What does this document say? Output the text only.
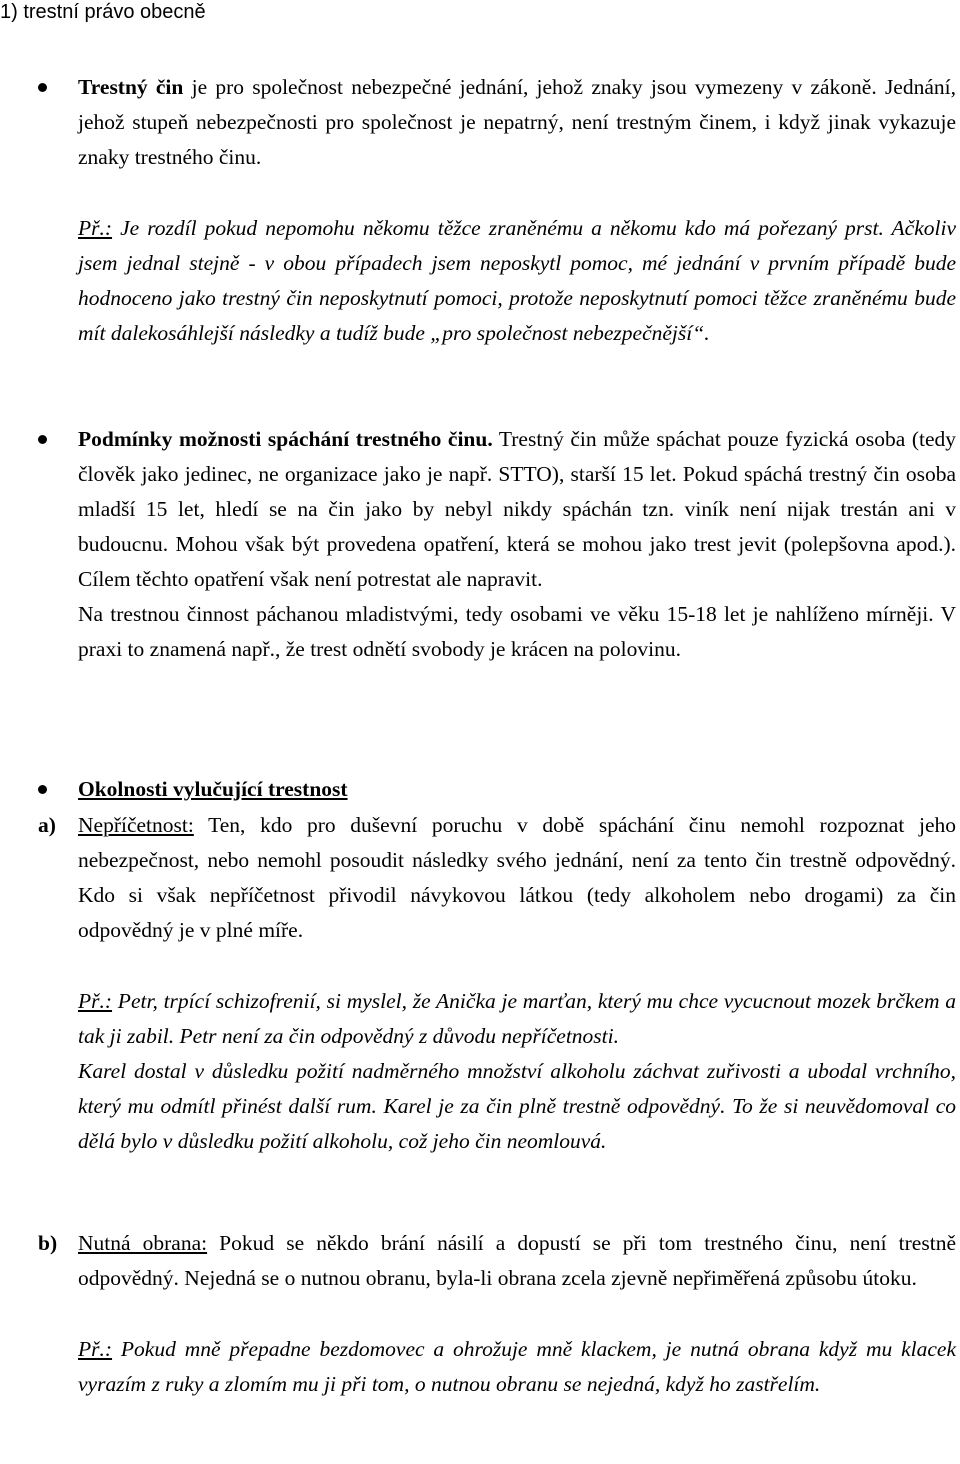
1) trestní právo obecně

Trestný čin je pro společnost nebezpečné jednání, jehož znaky jsou vymezeny v zákoně. Jednání, jehož stupeň nebezpečnosti pro společnost je nepatrný, není trestným činem, i když jinak vykazuje znaky trestného činu.

Př.: Je rozdíl pokud nepomohu někomu těžce zraněnému a někomu kdo má pořezaný prst. Ačkoliv jsem jednal stejně - v obou případech jsem neposkytl pomoc, mé jednání v prvním případě bude hodnoceno jako trestný čin neposkytnutí pomoci, protože neposkytnutí pomoci těžce zraněnému bude mít dalekosáhlejší následky a tudíž bude „pro společnost nebezpečnější“.

Podmínky možnosti spáchání trestného činu. Trestný čin může spáchat pouze fyzická osoba (tedy člověk jako jedinec, ne organizace jako je např. STTO), starší 15 let. Pokud spáchá trestný čin osoba mladší 15 let, hledí se na čin jako by nebyl nikdy spáchán tzn. viník není nijak trestán ani v budoucnu. Mohou však být provedena opatření, která se mohou jako trest jevit (polepšovna apod.). Cílem těchto opatření však není potrestat ale napravit.

Na trestnou činnost páchanou mladistvými, tedy osobami ve věku 15-18 let je nahlíženo mírněji. V praxi to znamená např., že trest odnětí svobody je krácen na polovinu.

Okolnosti vylučující trestnost

a) Nepříčetnost: Ten, kdo pro duševní poruchu v době spáchání činu nemohl rozpoznat jeho nebezpečnost, nebo nemohl posoudit následky svého jednání, není za tento čin trestně odpovědný. Kdo si však nepříčetnost přivodil návykovou látkou (tedy alkoholem nebo drogami) za čin odpovědný je v plné míře.

Př.: Petr, trpící schizofrenií, si myslel, že Anička je marťan, který mu chce vycucnout mozek brčkem a tak ji zabil. Petr není za čin odpovědný z důvodu nepříčetnosti.

Karel dostal v důsledku požití nadměrného množství alkoholu záchvat zuřivosti a ubodal vrchního, který mu odmítl přinést další rum. Karel je za čin plně trestně odpovědný. To že si neuvědomoval co dělá bylo v důsledku požití alkoholu, což jeho čin neomlouvá.

b) Nutná obrana: Pokud se někdo brání násilí a dopustí se při tom trestného činu, není trestně odpovědný. Nejedná se o nutnou obranu, byla-li obrana zcela zjevně nepřiměřená způsobu útoku.

Př.: Pokud mně přepadne bezdomovec a ohrožuje mně klackem, je nutná obrana když mu klacek vyrazím z ruky a zlomím mu ji při tom, o nutnou obranu se nejedná, když ho zastřelím.
